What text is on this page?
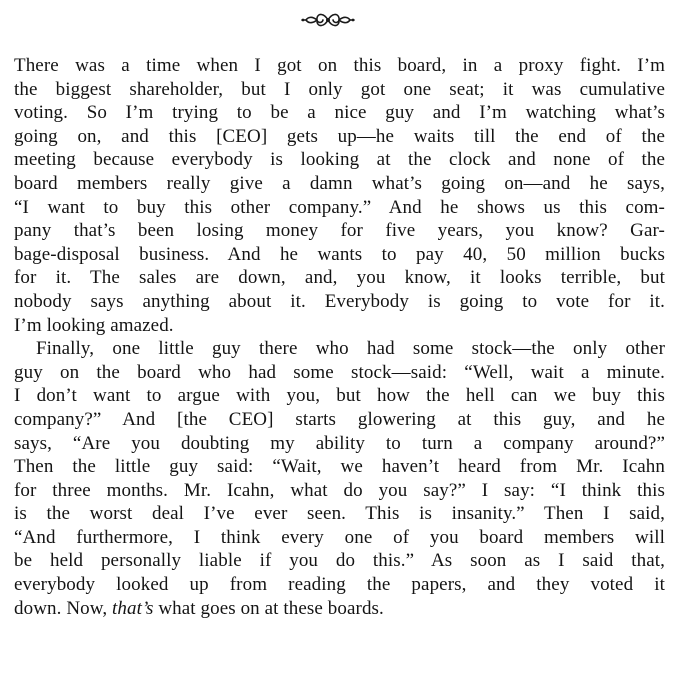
There was a time when I got on this board, in a proxy fight. I’m
the biggest shareholder, but I only got one seat; it was cumulative
voting. So I’m trying to be a nice guy and I’m watching what’s
going on, and this [CEO] gets up—he waits till the end of the
meeting because everybody is looking at the clock and none of the
board members really give a damn what’s going on—and he says,
“I want to buy this other company.” And he shows us this com-
pany that’s been losing money for five years, you know? Gar-
bage-disposal business. And he wants to pay 40, 50 million bucks
for it. The sales are down, and, you know, it looks terrible, but
nobody says anything about it. Everybody is going to vote for it.
I’m looking amazed.
Finally, one little guy there who had some stock—the only other
guy on the board who had some stock—said: “Well, wait a minute.
I don’t want to argue with you, but how the hell can we buy this
company?” And [the CEO] starts glowering at this guy, and he
says, “Are you doubting my ability to turn a company around?”
Then the little guy said: “Wait, we haven’t heard from Mr. Icahn
for three months. Mr. Icahn, what do you say?” I say: “I think this
is the worst deal I’ve ever seen. This is insanity.” Then I said,
“And furthermore, I think every one of you board members will
be held personally liable if you do this.” As soon as I said that,
everybody looked up from reading the papers, and they voted it
down. Now, that’s what goes on at these boards.
